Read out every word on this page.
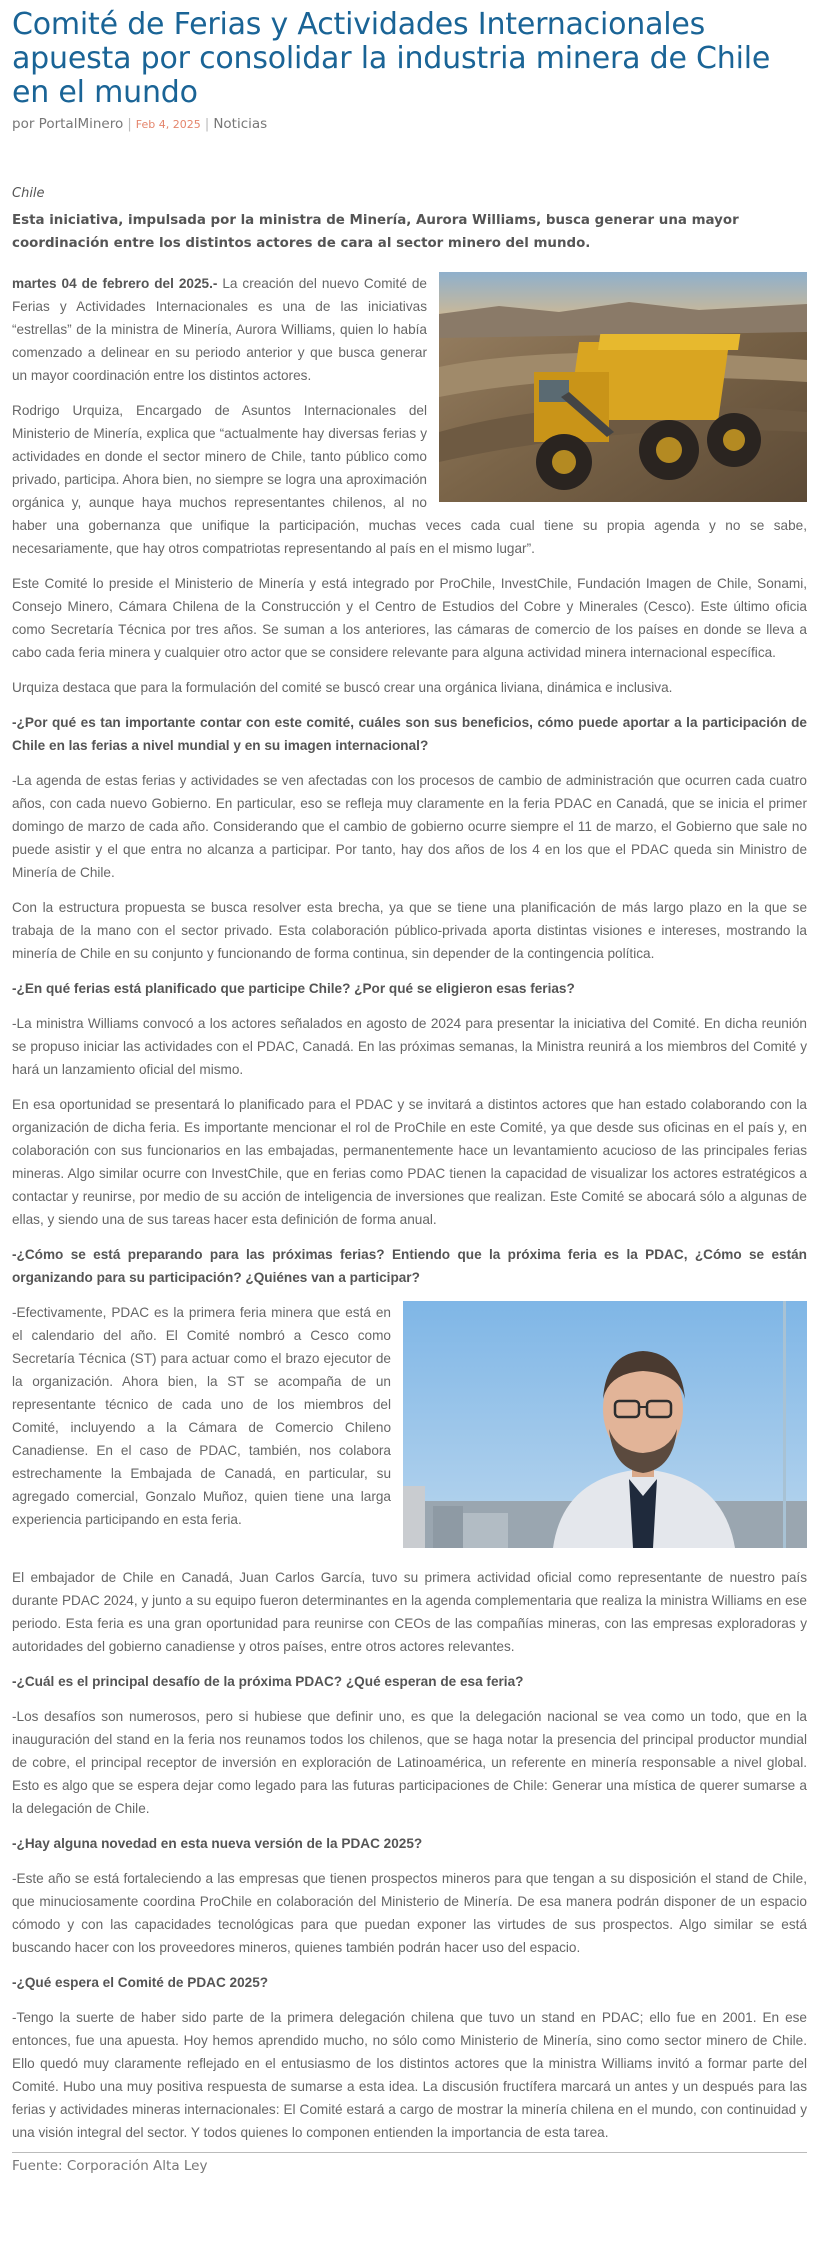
Comité de Ferias y Actividades Internacionales apuesta por consolidar la industria minera de Chile en el mundo
por PortalMinero | Feb 4, 2025 | Noticias
Chile
Esta iniciativa, impulsada por la ministra de Minería, Aurora Williams, busca generar una mayor coordinación entre los distintos actores de cara al sector minero del mundo.

martes 04 de febrero del 2025.- La creación del nuevo Comité de Ferias y Actividades Internacionales es una de las iniciativas “estrellas” de la ministra de Minería, Aurora Williams, quien lo había comenzado a delinear en su periodo anterior y que busca generar un mayor coordinación entre los distintos actores.

Rodrigo Urquiza, Encargado de Asuntos Internacionales del Ministerio de Minería, explica que “actualmente hay diversas ferias y actividades en donde el sector minero de Chile, tanto público como privado, participa. Ahora bien, no siempre se logra una aproximación orgánica y, aunque haya muchos representantes chilenos, al no haber una gobernanza que unifique la participación, muchas veces cada cual tiene su propia agenda y no se sabe, necesariamente, que hay otros compatriotas representando al país en el mismo lugar”.

Este Comité lo preside el Ministerio de Minería y está integrado por ProChile, InvestChile, Fundación Imagen de Chile, Sonami, Consejo Minero, Cámara Chilena de la Construcción y el Centro de Estudios del Cobre y Minerales (Cesco). Este último oficia como Secretaría Técnica por tres años. Se suman a los anteriores, las cámaras de comercio de los países en donde se lleva a cabo cada feria minera y cualquier otro actor que se considere relevante para alguna actividad minera internacional específica.

Urquiza destaca que para la formulación del comité se buscó crear una orgánica liviana, dinámica e inclusiva.

-¿Por qué es tan importante contar con este comité, cuáles son sus beneficios, cómo puede aportar a la participación de Chile en las ferias a nivel mundial y en su imagen internacional?

-La agenda de estas ferias y actividades se ven afectadas con los procesos de cambio de administración que ocurren cada cuatro años, con cada nuevo Gobierno. En particular, eso se refleja muy claramente en la feria PDAC en Canadá, que se inicia el primer domingo de marzo de cada año. Considerando que el cambio de gobierno ocurre siempre el 11 de marzo, el Gobierno que sale no puede asistir y el que entra no alcanza a participar. Por tanto, hay dos años de los 4 en los que el PDAC queda sin Ministro de Minería de Chile.

Con la estructura propuesta se busca resolver esta brecha, ya que se tiene una planificación de más largo plazo en la que se trabaja de la mano con el sector privado. Esta colaboración público-privada aporta distintas visiones e intereses, mostrando la minería de Chile en su conjunto y funcionando de forma continua, sin depender de la contingencia política.

-¿En qué ferias está planificado que participe Chile? ¿Por qué se eligieron esas ferias?

-La ministra Williams convocó a los actores señalados en agosto de 2024 para presentar la iniciativa del Comité. En dicha reunión se propuso iniciar las actividades con el PDAC, Canadá. En las próximas semanas, la Ministra reunirá a los miembros del Comité y hará un lanzamiento oficial del mismo.

En esa oportunidad se presentará lo planificado para el PDAC y se invitará a distintos actores que han estado colaborando con la organización de dicha feria. Es importante mencionar el rol de ProChile en este Comité, ya que desde sus oficinas en el país y, en colaboración con sus funcionarios en las embajadas, permanentemente hace un levantamiento acucioso de las principales ferias mineras. Algo similar ocurre con InvestChile, que en ferias como PDAC tienen la capacidad de visualizar los actores estratégicos a contactar y reunirse, por medio de su acción de inteligencia de inversiones que realizan. Este Comité se abocará sólo a algunas de ellas, y siendo una de sus tareas hacer esta definición de forma anual.

-¿Cómo se está preparando para las próximas ferias? Entiendo que la próxima feria es la PDAC, ¿Cómo se están organizando para su participación? ¿Quiénes van a participar?

-Efectivamente, PDAC es la primera feria minera que está en el calendario del año. El Comité nombró a Cesco como Secretaría Técnica (ST) para actuar como el brazo ejecutor de la organización. Ahora bien, la ST se acompaña de un representante técnico de cada uno de los miembros del Comité, incluyendo a la Cámara de Comercio Chileno Canadiense. En el caso de PDAC, también, nos colabora estrechamente la Embajada de Canadá, en particular, su agregado comercial, Gonzalo Muñoz, quien tiene una larga experiencia participando en esta feria.

El embajador de Chile en Canadá, Juan Carlos García, tuvo su primera actividad oficial como representante de nuestro país durante PDAC 2024, y junto a su equipo fueron determinantes en la agenda complementaria que realiza la ministra Williams en ese periodo. Esta feria es una gran oportunidad para reunirse con CEOs de las compañías mineras, con las empresas exploradoras y autoridades del gobierno canadiense y otros países, entre otros actores relevantes.

-¿Cuál es el principal desafío de la próxima PDAC? ¿Qué esperan de esa feria?

-Los desafíos son numerosos, pero si hubiese que definir uno, es que la delegación nacional se vea como un todo, que en la inauguración del stand en la feria nos reunamos todos los chilenos, que se haga notar la presencia del principal productor mundial de cobre, el principal receptor de inversión en exploración de Latinoamérica, un referente en minería responsable a nivel global. Esto es algo que se espera dejar como legado para las futuras participaciones de Chile: Generar una mística de querer sumarse a la delegación de Chile.

-¿Hay alguna novedad en esta nueva versión de la PDAC 2025?

-Este año se está fortaleciendo a las empresas que tienen prospectos mineros para que tengan a su disposición el stand de Chile, que minuciosamente coordina ProChile en colaboración del Ministerio de Minería. De esa manera podrán disponer de un espacio cómodo y con las capacidades tecnológicas para que puedan exponer las virtudes de sus prospectos. Algo similar se está buscando hacer con los proveedores mineros, quienes también podrán hacer uso del espacio.

-¿Qué espera el Comité de PDAC 2025?

-Tengo la suerte de haber sido parte de la primera delegación chilena que tuvo un stand en PDAC; ello fue en 2001. En ese entonces, fue una apuesta. Hoy hemos aprendido mucho, no sólo como Ministerio de Minería, sino como sector minero de Chile. Ello quedó muy claramente reflejado en el entusiasmo de los distintos actores que la ministra Williams invitó a formar parte del Comité. Hubo una muy positiva respuesta de sumarse a esta idea. La discusión fructífera marcará un antes y un después para las ferias y actividades mineras internacionales: El Comité estará a cargo de mostrar la minería chilena en el mundo, con continuidad y una visión integral del sector. Y todos quienes lo componen entienden la importancia de esta tarea.

Fuente: Corporación Alta Ley
